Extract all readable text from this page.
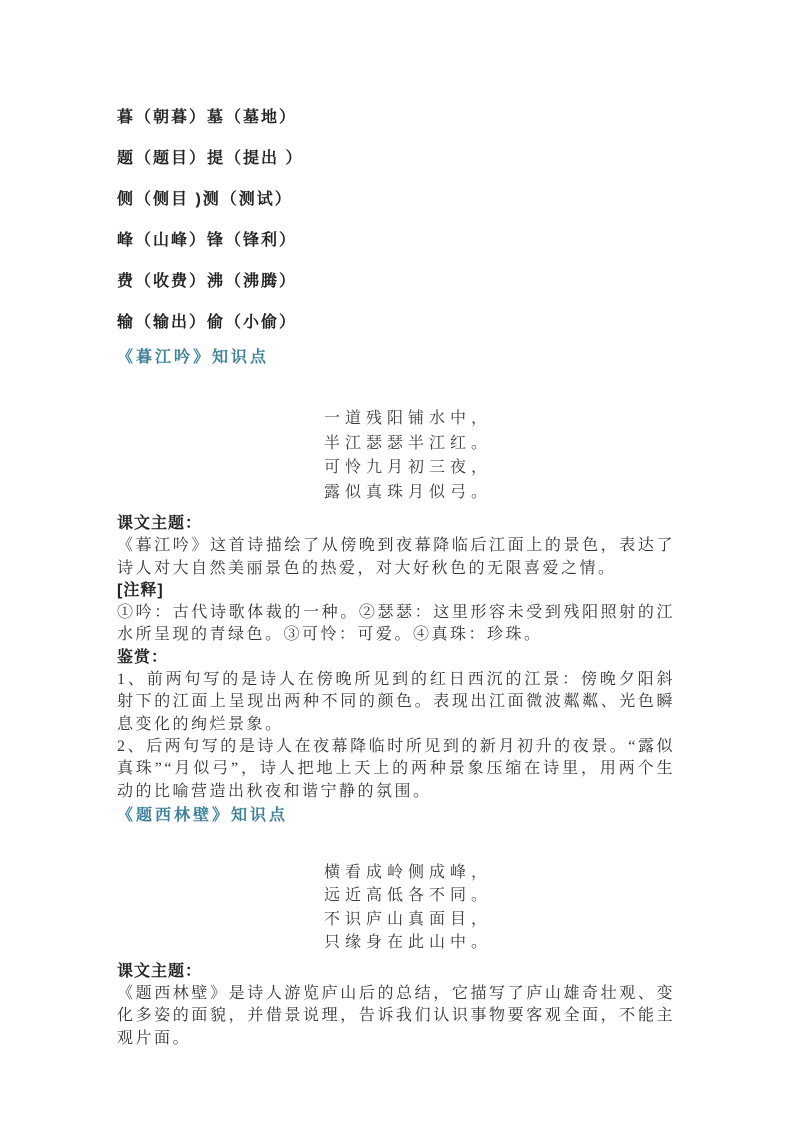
暮（朝暮）墓（墓地）

题（题目）提（提出 ）

侧（侧目 )测（测试）

峰（山峰）锋（锋利）

费（收费）沸（沸腾）

输（输出）偷（小偷）

《暮江吟》知识点

一道残阳铺水中，

半江瑟瑟半江红。

可怜九月初三夜，

露似真珠月似弓。

课文主题：

《暮江吟》这首诗描绘了从傍晚到夜幕降临后江面上的景色，表达了诗人对大自然美丽景色的热爱，对大好秋色的无限喜爱之情。

[注释]

①吟：古代诗歌体裁的一种。②瑟瑟：这里形容未受到残阳照射的江水所呈现的青绿色。③可怜：可爱。④真珠：珍珠。

鉴赏：

1、前两句写的是诗人在傍晚所见到的红日西沉的江景：傍晚夕阳斜射下的江面上呈现出两种不同的颜色。表现出江面微波粼粼、光色瞬息变化的绚烂景象。

2、后两句写的是诗人在夜幕降临时所见到的新月初升的夜景。“露似真珠”“月似弓”，诗人把地上天上的两种景象压缩在诗里，用两个生动的比喻营造出秋夜和谐宁静的氛围。

《题西林壁》知识点

横看成岭侧成峰，

远近高低各不同。

不识庐山真面目，

只缘身在此山中。

课文主题：

《题西林壁》是诗人游览庐山后的总结，它描写了庐山雄奇壮观、变化多姿的面貌，并借景说理，告诉我们认识事物要客观全面，不能主观片面。
